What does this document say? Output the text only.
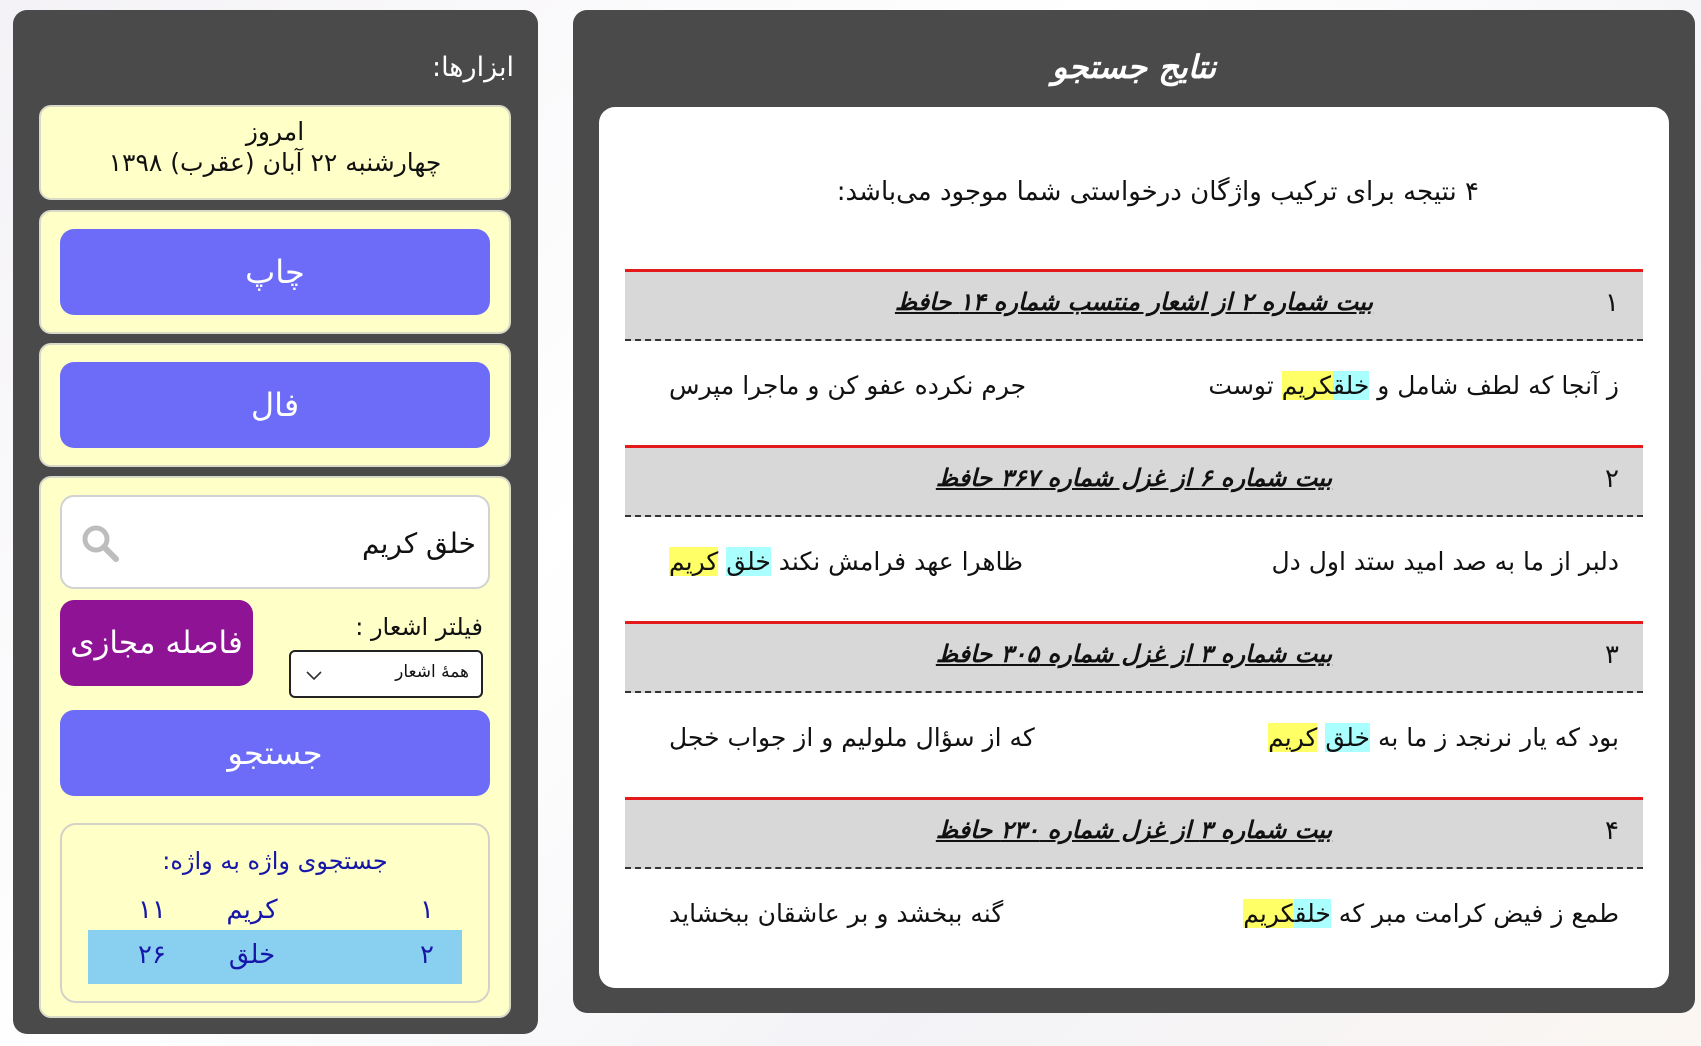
ابزارها:
امروز
چهارشنبه ۲۲ آبان (عقرب) ۱۳۹۸
چاپ
فال
خلق کریم
فیلتر اشعار :
همهٔ اشعار
فاصله مجازی
جستجو
جستجوی واژه به واژه:
۱
کریم
۱۱
۲
خلق
۲۶
نتایج جستجو
۴ نتیجه برای ترکیب واژگان درخواستی شما موجود می‌باشد:
۱
بیت شماره ۲ از اشعار منتسب شماره ۱۴ حافظ
ز آنجا که لطف شامل و خلقکریم توست
جرم نکرده عفو کن و ماجرا مپرس
۲
بیت شماره ۶ از غزل شماره ۳۶۷ حافظ
دلبر از ما به صد امید ستد اول دل
ظاهرا عهد فرامش نکند خلق کریم
۳
بیت شماره ۳ از غزل شماره ۳۰۵ حافظ
بود که یار نرنجد ز ما به خلق کریم
که از سؤال ملولیم و از جواب خجل
۴
بیت شماره ۳ از غزل شماره ۲۳۰ حافظ
طمع ز فیض کرامت مبر که خلقکریم
گنه ببخشد و بر عاشقان ببخشاید
